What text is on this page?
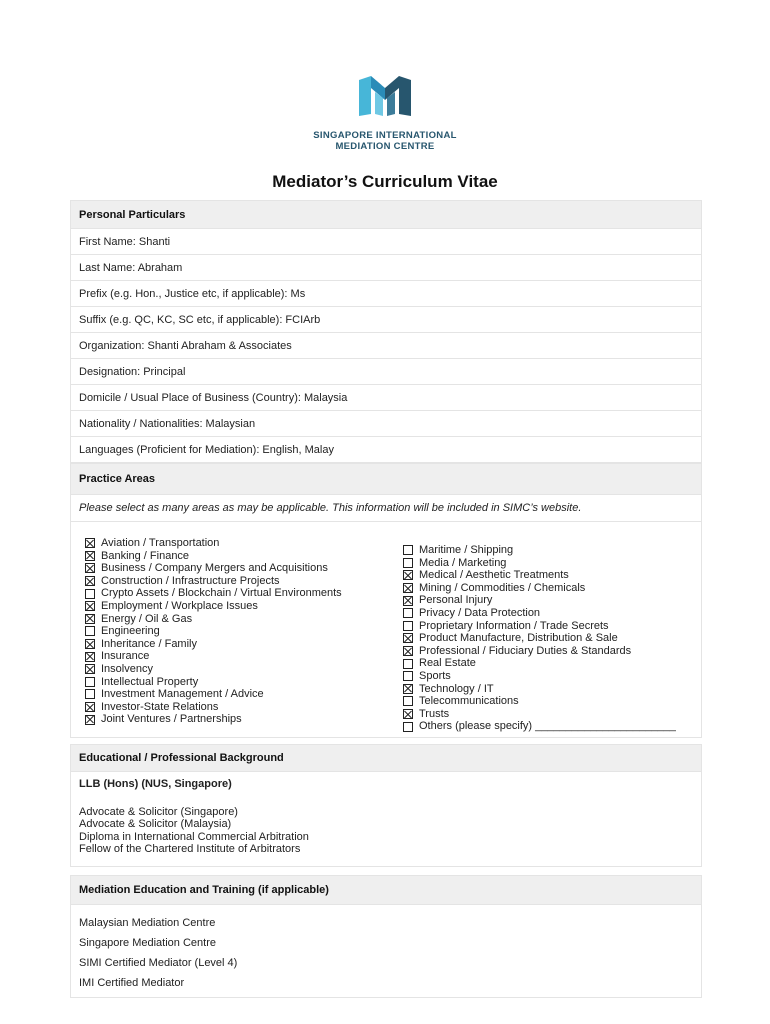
SINGAPORE INTERNATIONAL
MEDIATION CENTRE
Mediator’s Curriculum Vitae
Personal Particulars
First Name: Shanti
Last Name: Abraham
Prefix (e.g. Hon., Justice etc, if applicable): Ms
Suffix (e.g. QC, KC, SC etc, if applicable): FCIArb
Organization: Shanti Abraham & Associates
Designation: Principal
Domicile / Usual Place of Business (Country): Malaysia
Nationality / Nationalities: Malaysian
Languages (Proficient for Mediation): English, Malay
Practice Areas
Please select as many areas as may be applicable. This information will be included in SIMC’s website.
Aviation / Transportation
Banking / Finance
Business / Company Mergers and Acquisitions
Construction / Infrastructure Projects
Crypto Assets / Blockchain / Virtual Environments
Employment / Workplace Issues
Energy / Oil & Gas
Engineering
Inheritance / Family
Insurance
Insolvency
Intellectual Property
Investment Management / Advice
Investor-State Relations
Joint Ventures / Partnerships
Maritime / Shipping
Media / Marketing
Medical / Aesthetic Treatments
Mining / Commodities / Chemicals
Personal Injury
Privacy / Data Protection
Proprietary Information / Trade Secrets
Product Manufacture, Distribution & Sale
Professional / Fiduciary Duties & Standards
Real Estate
Sports
Technology / IT
Telecommunications
Trusts
Others (please specify) _______________________
Educational / Professional Background
LLB (Hons) (NUS, Singapore)
Advocate & Solicitor (Singapore)
Advocate & Solicitor (Malaysia)
Diploma in International Commercial Arbitration
Fellow of the Chartered Institute of Arbitrators
Mediation Education and Training (if applicable)
Malaysian Mediation Centre
Singapore Mediation Centre
SIMI Certified Mediator (Level 4)
IMI Certified Mediator
